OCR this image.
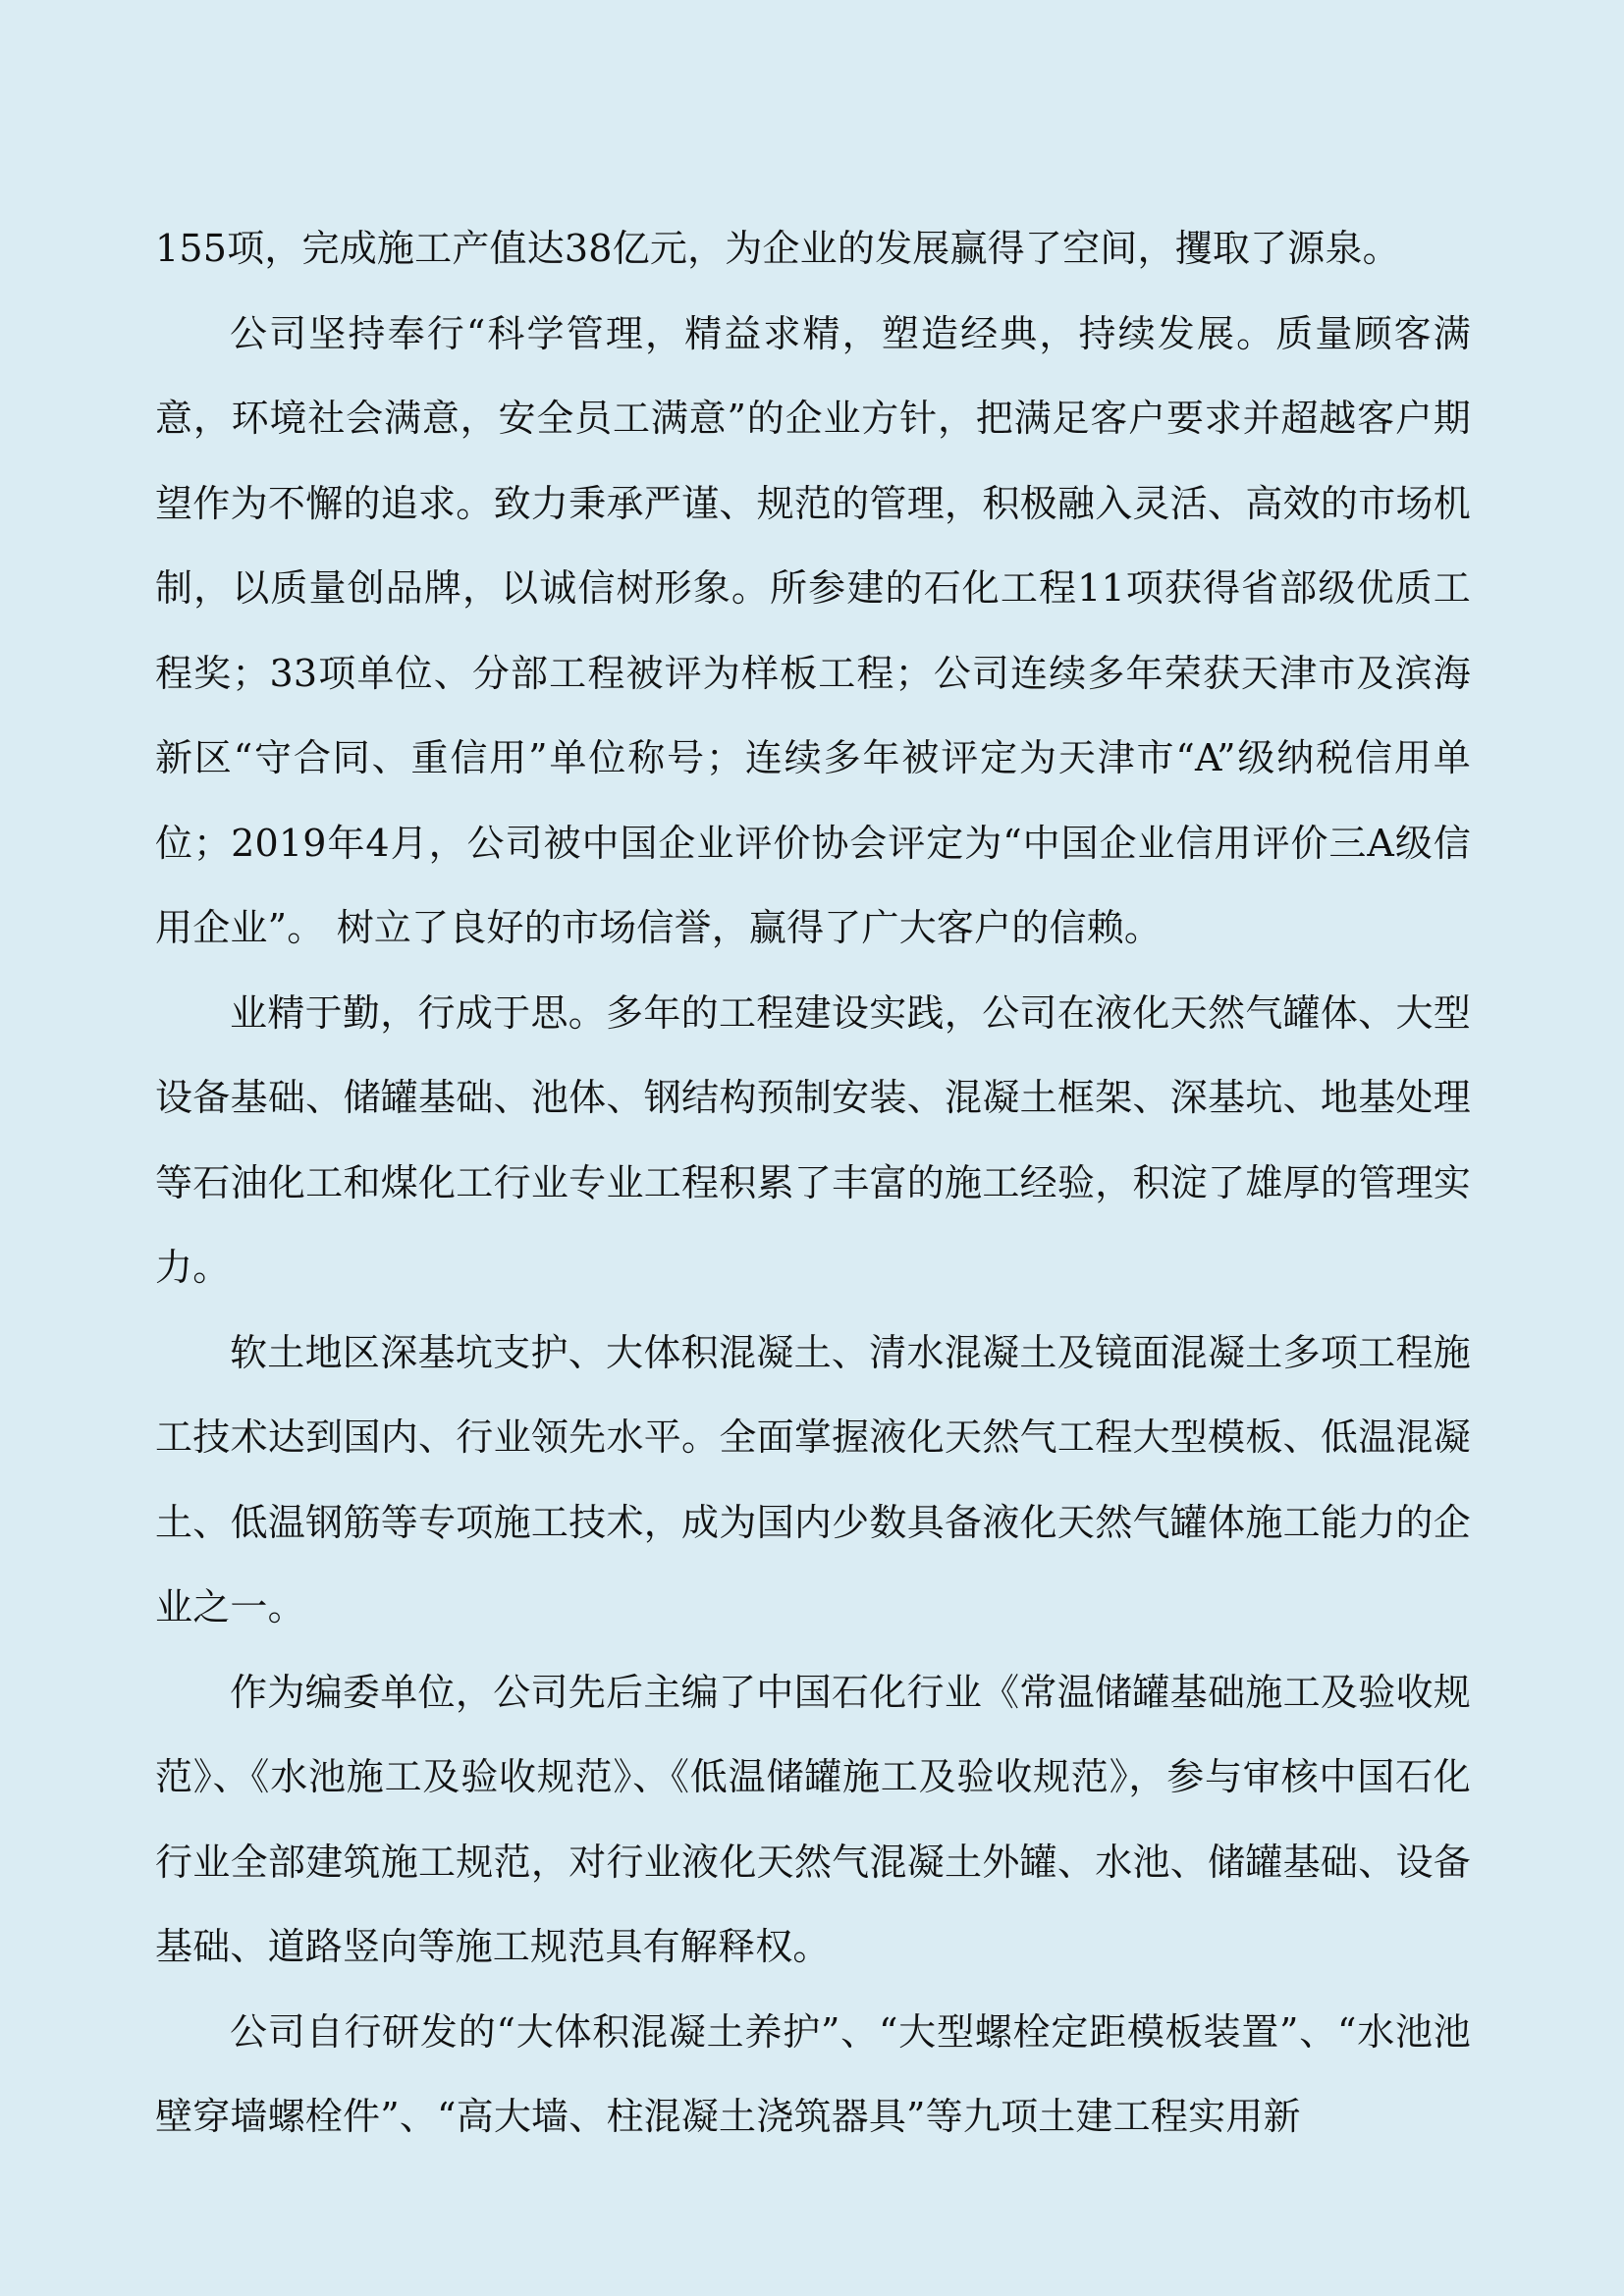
155项，完成施工产值达38亿元，为企业的发展赢得了空间，攫取了源泉。

公司坚持奉行“科学管理，精益求精，塑造经典，持续发展。质量顾客满意，环境社会满意，安全员工满意”的企业方针，把满足客户要求并超越客户期望作为不懈的追求。致力秉承严谨、规范的管理，积极融入灵活、高效的市场机制，以质量创品牌，以诚信树形象。所参建的石化工程11项获得省部级优质工程奖；33项单位、分部工程被评为样板工程；公司连续多年荣获天津市及滨海新区“守合同、重信用”单位称号；连续多年被评定为天津市“A”级纳税信用单位；2019年4月，公司被中国企业评价协会评定为“中国企业信用评价三A级信用企业”。 树立了良好的市场信誉，赢得了广大客户的信赖。

业精于勤，行成于思。多年的工程建设实践，公司在液化天然气罐体、大型设备基础、储罐基础、池体、钢结构预制安装、混凝土框架、深基坑、地基处理等石油化工和煤化工行业专业工程积累了丰富的施工经验，积淀了雄厚的管理实力。

软土地区深基坑支护、大体积混凝土、清水混凝土及镜面混凝土多项工程施工技术达到国内、行业领先水平。全面掌握液化天然气工程大型模板、低温混凝土、低温钢筋等专项施工技术，成为国内少数具备液化天然气罐体施工能力的企业之一。

作为编委单位，公司先后主编了中国石化行业《常温储罐基础施工及验收规范》、《水池施工及验收规范》、《低温储罐施工及验收规范》，参与审核中国石化行业全部建筑施工规范，对行业液化天然气混凝土外罐、水池、储罐基础、设备基础、道路竖向等施工规范具有解释权。

公司自行研发的“大体积混凝土养护”、“大型螺栓定距模板装置”、“水池池壁穿墙螺栓件”、“高大墙、柱混凝土浇筑器具”等九项土建工程实用新
